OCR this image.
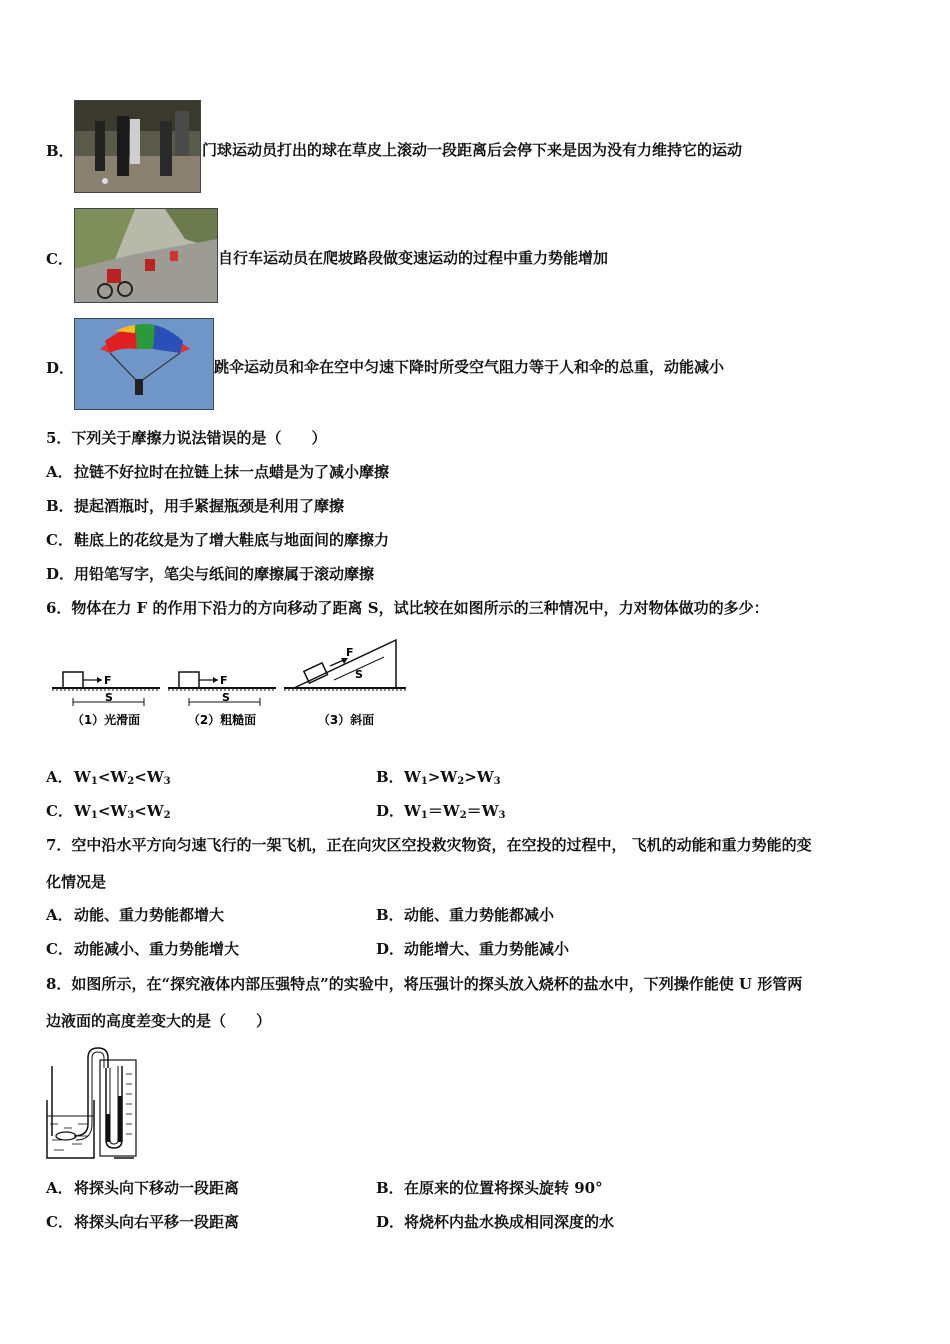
B．	门球运动员打出的球在草皮上滚动一段距离后会停下来是因为没有力维持它的运动
C．	自行车运动员在爬坡路段做变速运动的过程中重力势能增加
D．	跳伞运动员和伞在空中匀速下降时所受空气阻力等于人和伞的总重，动能减小
5．下列关于摩擦力说法错误的是（　　）
A．拉链不好拉时在拉链上抹一点蜡是为了减小摩擦
B．提起酒瓶时，用手紧握瓶颈是利用了摩擦
C．鞋底上的花纹是为了增大鞋底与地面间的摩擦力
D．用铅笔写字，笔尖与纸间的摩擦属于滚动摩擦
6．物体在力 F 的作用下沿力的方向移动了距离 S，试比较在如图所示的三种情况中，力对物体做功的多少：
F
S
（1）光滑面
F
S
（2）粗糙面
F
S
（3）斜面
A．$W_1<W_2<W_3$	B．$W_1>W_2>W_3$
C．$W_1<W_3<W_2$	D．$W_1=W_2=W_3$
7．空中沿水平方向匀速飞行的一架飞机，正在向灾区空投救灾物资，在空投的过程中， 飞机的动能和重力势能的变
化情况是
A．动能、重力势能都增大	B．动能、重力势能都减小
C．动能减小、重力势能增大	D．动能增大、重力势能减小
8．如图所示，在“探究液体内部压强特点”的实验中，将压强计的探头放入烧杯的盐水中，下列操作能使 U 形管两
边液面的高度差变大的是（　　）
A．将探头向下移动一段距离	B．在原来的位置将探头旋转 90°
C．将探头向右平移一段距离	D．将烧杯内盐水换成相同深度的水
